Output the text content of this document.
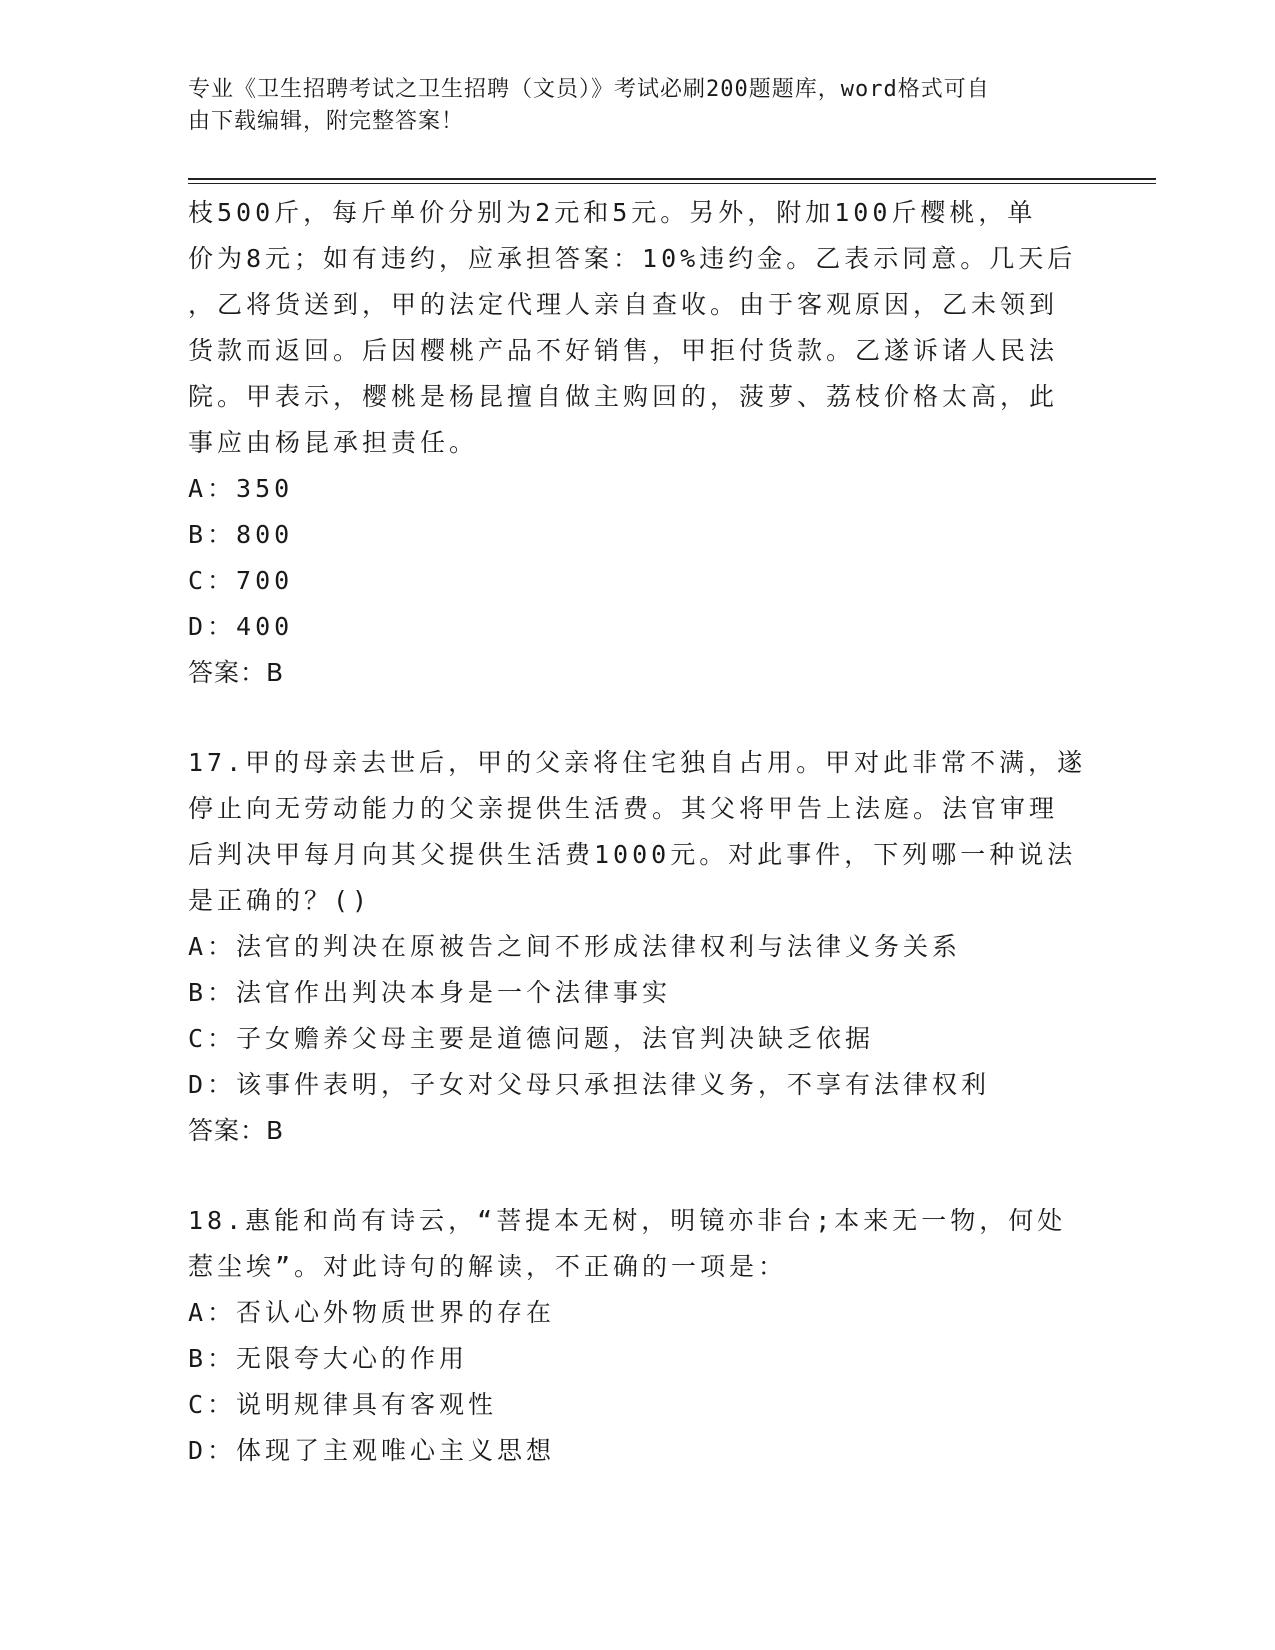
专业《卫生招聘考试之卫生招聘（文员）》考试必刷200题题库，word格式可自
由下载编辑，附完整答案！
枝500斤，每斤单价分别为2元和5元。另外，附加100斤樱桃，单
价为8元；如有违约，应承担答案：10%违约金。乙表示同意。几天后
，乙将货送到，甲的法定代理人亲自查收。由于客观原因，乙未领到
货款而返回。后因樱桃产品不好销售，甲拒付货款。乙遂诉诸人民法
院。甲表示，樱桃是杨昆擅自做主购回的，菠萝、荔枝价格太高，此
事应由杨昆承担责任。
A：350
B：800
C：700
D：400
答案：B
17.甲的母亲去世后，甲的父亲将住宅独自占用。甲对此非常不满，遂
停止向无劳动能力的父亲提供生活费。其父将甲告上法庭。法官审理
后判决甲每月向其父提供生活费1000元。对此事件，下列哪一种说法
是正确的？()
A：法官的判决在原被告之间不形成法律权利与法律义务关系
B：法官作出判决本身是一个法律事实
C：子女赡养父母主要是道德问题，法官判决缺乏依据
D：该事件表明，子女对父母只承担法律义务，不享有法律权利
答案：B
18.惠能和尚有诗云，“菩提本无树，明镜亦非台;本来无一物，何处
惹尘埃”。对此诗句的解读，不正确的一项是：
A：否认心外物质世界的存在
B：无限夸大心的作用
C：说明规律具有客观性
D：体现了主观唯心主义思想
